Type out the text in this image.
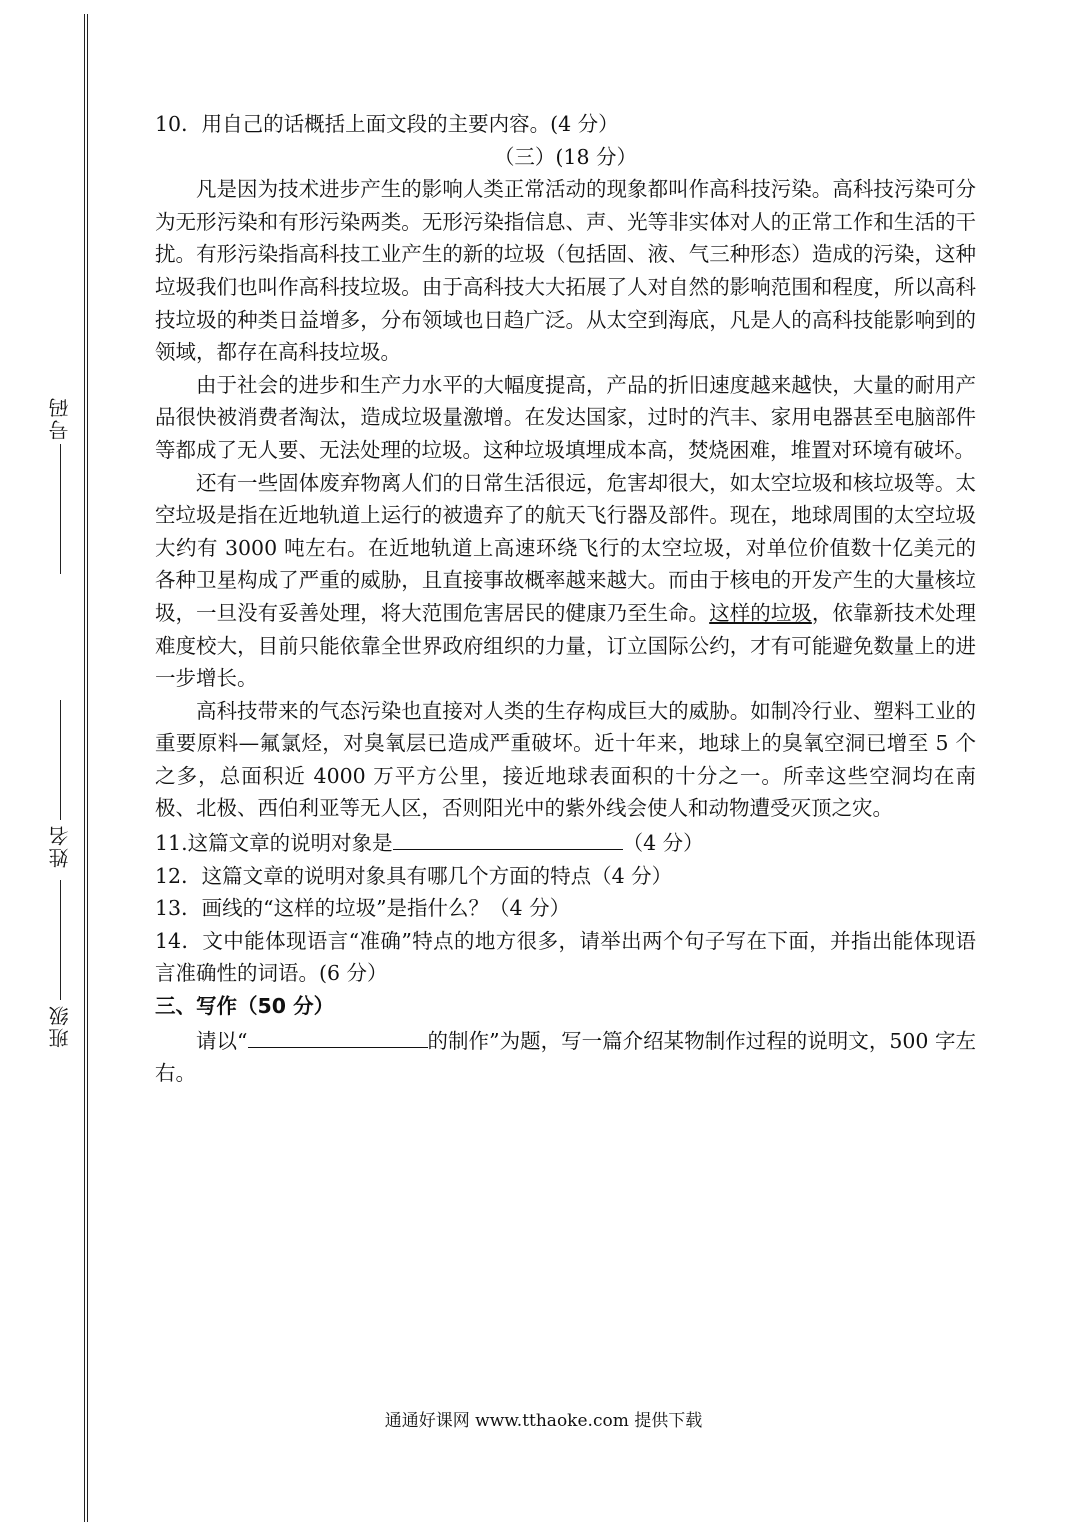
号码
姓名
班级

10．用自己的话概括上面文段的主要内容。(4 分）

（三）(18 分）

凡是因为技术进步产生的影响人类正常活动的现象都叫作高科技污染。高科技污染可分为无形污染和有形污染两类。无形污染指信息、声、光等非实体对人的正常工作和生活的干扰。有形污染指高科技工业产生的新的垃圾（包括固、液、气三种形态）造成的污染，这种垃圾我们也叫作高科技垃圾。由于高科技大大拓展了人对自然的影响范围和程度，所以高科技垃圾的种类日益增多，分布领域也日趋广泛。从太空到海底，凡是人的高科技能影响到的领域，都存在高科技垃圾。

由于社会的进步和生产力水平的大幅度提高，产品的折旧速度越来越快，大量的耐用产品很快被消费者淘汰，造成垃圾量激增。在发达国家，过时的汽丰、家用电器甚至电脑部件等都成了无人要、无法处理的垃圾。这种垃圾填埋成本高，焚烧困难，堆置对环境有破坏。

还有一些固体废弃物离人们的日常生活很远，危害却很大，如太空垃圾和核垃圾等。太空垃圾是指在近地轨道上运行的被遗弃了的航天飞行器及部件。现在，地球周围的太空垃圾大约有 3000 吨左右。在近地轨道上高速环绕飞行的太空垃圾，对单位价值数十亿美元的各种卫星构成了严重的威胁，且直接事故概率越来越大。而由于核电的开发产生的大量核垃圾，一旦没有妥善处理，将大范围危害居民的健康乃至生命。这样的垃圾，依靠新技术处理难度校大，目前只能依靠全世界政府组织的力量，订立国际公约，才有可能避免数量上的进一步增长。

高科技带来的气态污染也直接对人类的生存构成巨大的威胁。如制冷行业、塑料工业的重要原料—氟氯烃，对臭氧层已造成严重破坏。近十年来，地球上的臭氧空洞已增至 5 个之多，总面积近 4000 万平方公里，接近地球表面积的十分之一。所幸这些空洞均在南极、北极、西伯利亚等无人区，否则阳光中的紫外线会使人和动物遭受灭顶之灾。

11.这篇文章的说明对象是	（4 分）

12．这篇文章的说明对象具有哪几个方面的特点（4 分）

13．画线的“这样的垃圾”是指什么？（4 分）

14．文中能体现语言“准确”特点的地方很多，请举出两个句子写在下面，并指出能体现语言准确性的词语。(6 分）

三、写作（50 分）

请以“	的制作”为题，写一篇介绍某物制作过程的说明文，500 字左右。

通通好课网 www.tthaoke.com 提供下载
